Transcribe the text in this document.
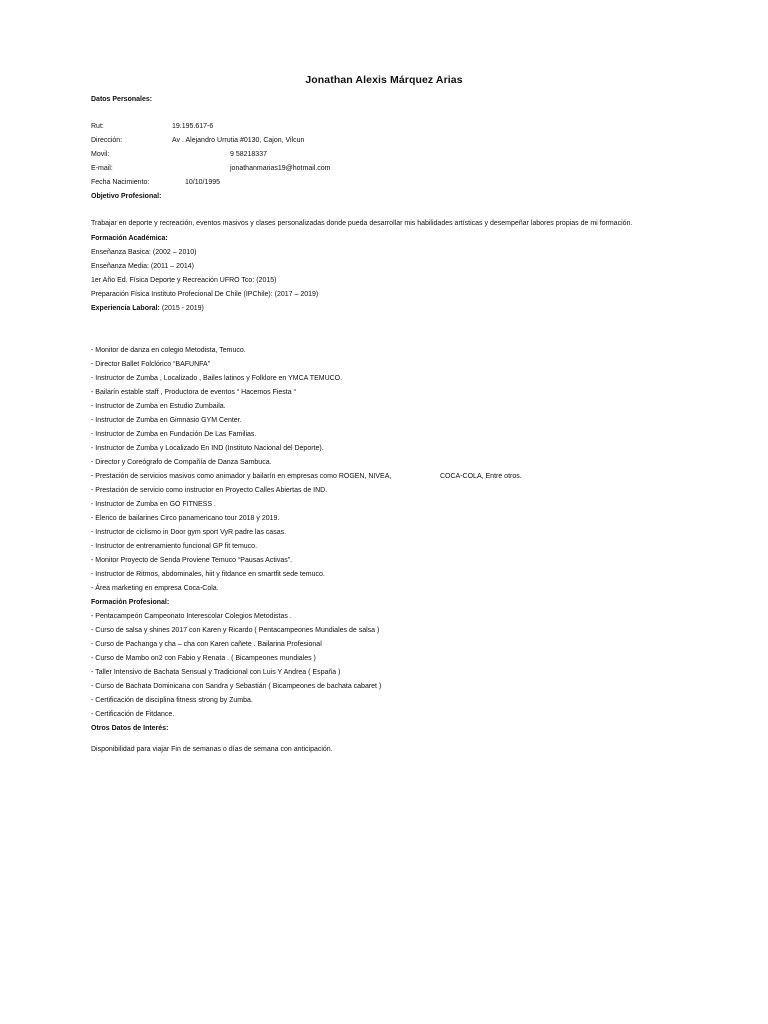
Jonathan Alexis Márquez Arias
Datos Personales:
Rut:	19.195.617-6
Dirección:	Av . Alejandro Urrutia #0130, Cajon, Vilcun
Movil:	9 58218337
E-mail:	jonathanmarias19@hotmail.com
Fecha Nacimiento:	10/10/1995
Objetivo Profesional:
Trabajar en deporte y recreación, eventos masivos y clases personalizadas donde pueda desarrollar mis habilidades artísticas y desempeñar labores propias de mi formación.
Formación Académica:
Enseñanza Basica: (2002 – 2010)
Enseñanza Media: (2011 – 2014)
1er Año Ed. Física Deporte y Recreación UFRO Tco: (2015)
Preparación Física Instituto Profecional De Chile (IPChile): (2017 – 2019)
Experiencia Laboral: (2015 - 2019)
- Monitor de danza en colegio Metodista, Temuco.
- Director Ballet Folclórico “BAFUNFA”
- Instructor de Zumba , Localizado , Bailes latinos y Folklore en YMCA TEMUCO.
- Bailarín estable staff , Productora de eventos “ Hacemos Fiesta “
- Instructor de Zumba en Estudio Zumbaila.
- Instructor de Zumba en Gimnasio GYM Center.
- Instructor de Zumba en Fundación De Las Familias.
- Instructor de Zumba y Localizado En IND (Instituto Nacional del Deporte).
- Director y Coreógrafo de Compañía de Danza Sambuca.
- Prestación de servicios masivos como animador y bailarín en empresas como ROGEN, NIVEA,	COCA-COLA, Entre otros.
- Prestación de servicio como instructor en Proyecto Calles Abiertas de IND.
- Instructor de Zumba en GO FITNESS .
- Elenco de bailarines Circo panamericano tour 2018 y 2019.
- Instructor de ciclismo in Door gym sport VyR padre las casas.
- Instructor de entrenamiento funcional GP fit temuco.
- Monitor Proyecto de Senda Proviene Temuco “Pausas Activas”.
- Instructor de Ritmos, abdominales, hiit y fitdance en smartfit sede temuco.
- Área marketing en empresa Coca-Cola.
Formación Profesional:
- Pentacampeón Campeonato Interescolar Colegios Metodistas .
- Curso de salsa y shines 2017 con Karen y Ricardo ( Pentacampeones Mundiales de salsa )
- Curso de Pachanga y cha – cha con Karen cañete . Bailarina Profesional
- Curso de Mambo on2 con Fabio y Renata . ( Bicampeones mundiales )
- Taller Intensivo de Bachata Sensual y Tradicional con Luis Y Andrea ( España )
- Curso de Bachata Dominicana con Sandra y Sebastián ( Bicampeones de bachata cabaret )
- Certificación de disciplina fitness strong by Zumba.
- Certificación de Fitdance.
Otros Datos de Interés:
Disponibilidad para viajar Fin de semanas o días de semana con anticipación.
